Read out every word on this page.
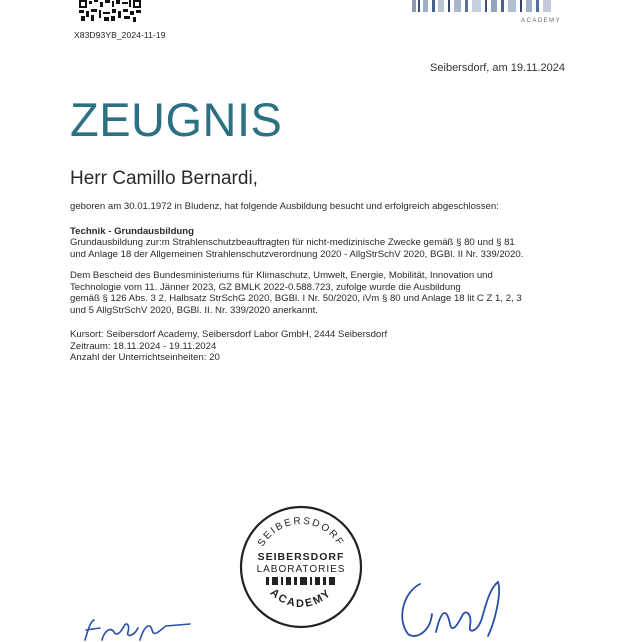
X83D93YB_2024-11-19
ACADEMY
Seibersdorf, am 19.11.2024
ZEUGNIS
Herr Camillo Bernardi,
geboren am 30.01.1972 in Bludenz, hat folgende Ausbildung besucht und erfolgreich abgeschlossen:
Technik - Grundausbildung
Grundausbildung zur:m Strahlenschutzbeauftragten für nicht-medizinische Zwecke gemäß § 80 und § 81
und Anlage 18 der Allgemeinen Strahlenschutzverordnung 2020 - AllgStrSchV 2020, BGBl. II Nr. 339/2020.
Dem Bescheid des Bundesministeriums für Klimaschutz, Umwelt, Energie, Mobilität, Innovation und
Technologie vom 11. Jänner 2023, GZ BMLK 2022-0.588.723, zufolge wurde die Ausbildung
gemäß § 126 Abs. 3 2. Halbsatz StrSchG 2020, BGBl. I Nr. 50/2020, iVm § 80 und Anlage 18 lit C Z 1, 2, 3
und 5 AllgStrSchV 2020, BGBl. II. Nr. 339/2020 anerkannt.
Kursort: Seibersdorf Academy, Seibersdorf Labor GmbH, 2444 Seibersdorf
Zeitraum: 18.11.2024 - 19.11.2024
Anzahl der Unterrichtseinheiten: 20
SEIBERSDORF
SEIBERSDORF
LABORATORIES
ACADEMY
